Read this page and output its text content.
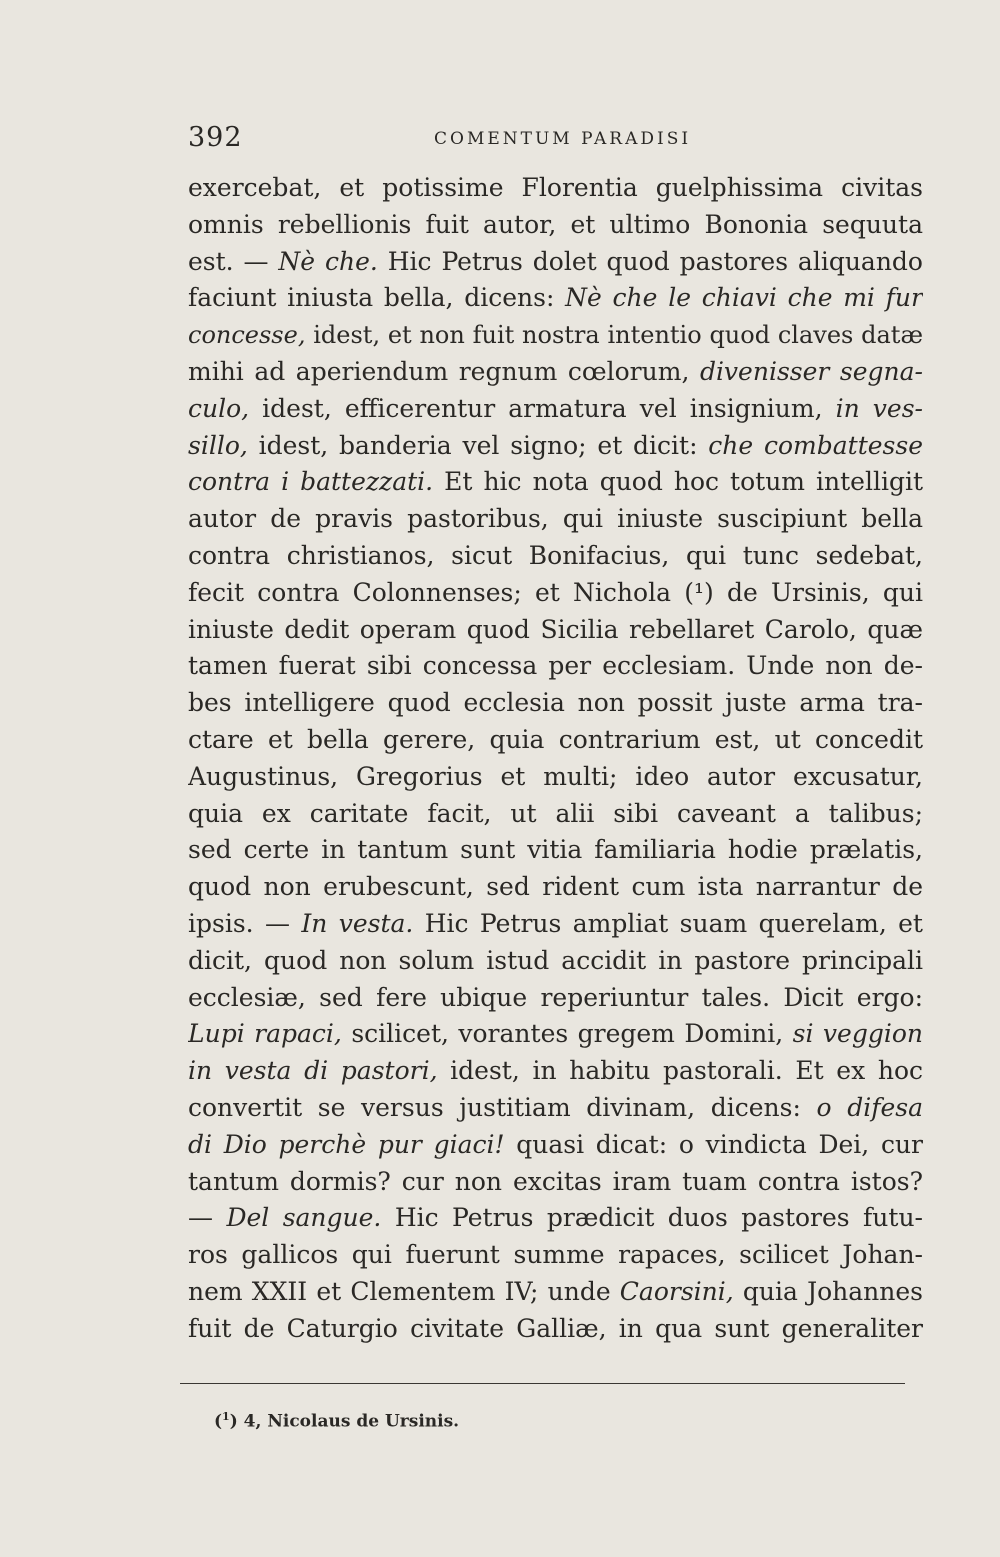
392	COMENTUM PARADISI
exercebat, et potissime Florentia guelphissima civitas
omnis rebellionis fuit autor, et ultimo Bononia sequuta
est. — Nè che. Hic Petrus dolet quod pastores aliquando
faciunt iniusta bella, dicens: Nè che le chiavi che mi fur
concesse, idest, et non fuit nostra intentio quod claves datæ
mihi ad aperiendum regnum cœlorum, divenisser segna-
culo, idest, efficerentur armatura vel insignium, in ves-
sillo, idest, banderia vel signo; et dicit: che combattesse
contra i battezzati. Et hic nota quod hoc totum intelligit
autor de pravis pastoribus, qui iniuste suscipiunt bella
contra christianos, sicut Bonifacius, qui tunc sedebat,
fecit contra Colonnenses; et Nichola (¹) de Ursinis, qui
iniuste dedit operam quod Sicilia rebellaret Carolo, quæ
tamen fuerat sibi concessa per ecclesiam. Unde non de-
bes intelligere quod ecclesia non possit juste arma tra-
ctare et bella gerere, quia contrarium est, ut concedit
Augustinus, Gregorius et multi; ideo autor excusatur,
quia ex caritate facit, ut alii sibi caveant a talibus;
sed certe in tantum sunt vitia familiaria hodie prælatis,
quod non erubescunt, sed rident cum ista narrantur de
ipsis. — In vesta. Hic Petrus ampliat suam querelam, et
dicit, quod non solum istud accidit in pastore principali
ecclesiæ, sed fere ubique reperiuntur tales. Dicit ergo:
Lupi rapaci, scilicet, vorantes gregem Domini, si veggion
in vesta di pastori, idest, in habitu pastorali. Et ex hoc
convertit se versus justitiam divinam, dicens: o difesa
di Dio perchè pur giaci! quasi dicat: o vindicta Dei, cur
tantum dormis? cur non excitas iram tuam contra istos?
— Del sangue. Hic Petrus prædicit duos pastores futu-
ros gallicos qui fuerunt summe rapaces, scilicet Johan-
nem XXII et Clementem IV; unde Caorsini, quia Johannes
fuit de Caturgio civitate Galliæ, in qua sunt generaliter
($^1$) 4, Nicolaus de Ursinis.
